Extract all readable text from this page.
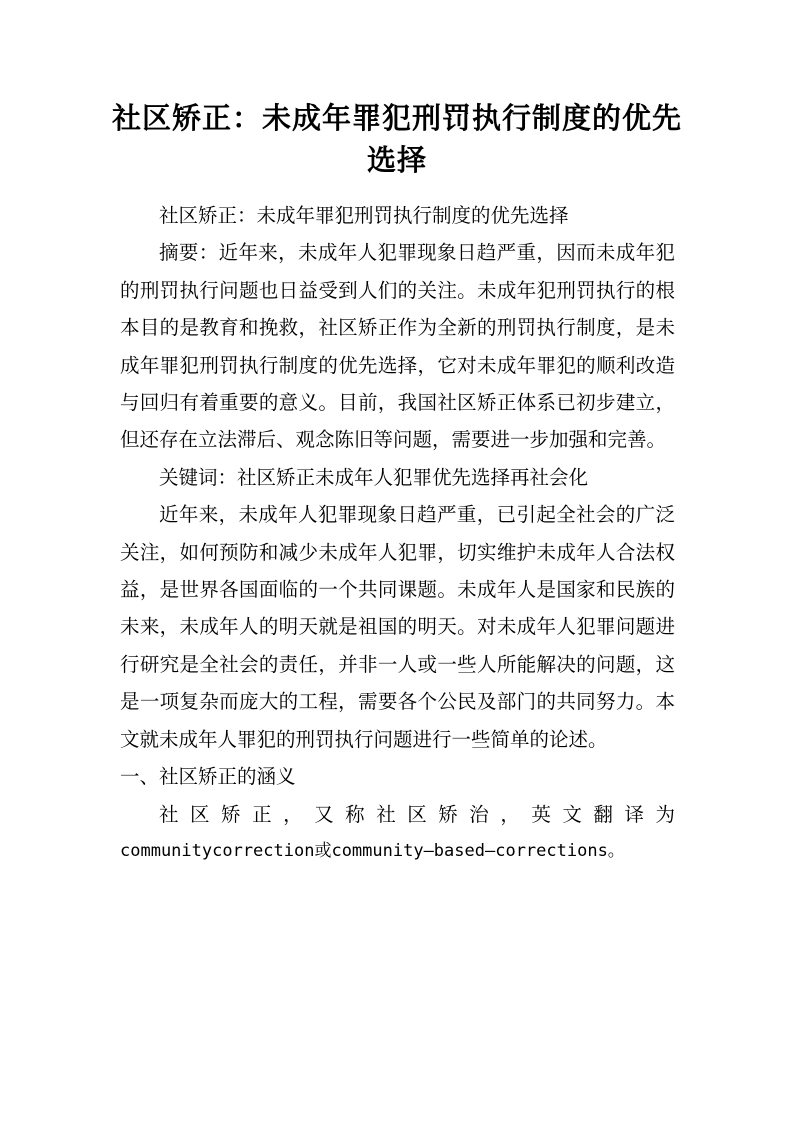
社区矫正：未成年罪犯刑罚执行制度的优先选择

社区矫正：未成年罪犯刑罚执行制度的优先选择

摘要：近年来，未成年人犯罪现象日趋严重，因而未成年犯的刑罚执行问题也日益受到人们的关注。未成年犯刑罚执行的根本目的是教育和挽救，社区矫正作为全新的刑罚执行制度，是未成年罪犯刑罚执行制度的优先选择，它对未成年罪犯的顺利改造与回归有着重要的意义。目前，我国社区矫正体系已初步建立，但还存在立法滞后、观念陈旧等问题，需要进一步加强和完善。

关键词：社区矫正未成年人犯罪优先选择再社会化

近年来，未成年人犯罪现象日趋严重，已引起全社会的广泛关注，如何预防和减少未成年人犯罪，切实维护未成年人合法权益，是世界各国面临的一个共同课题。未成年人是国家和民族的未来，未成年人的明天就是祖国的明天。对未成年人犯罪问题进行研究是全社会的责任，并非一人或一些人所能解决的问题，这是一项复杂而庞大的工程，需要各个公民及部门的共同努力。本文就未成年人罪犯的刑罚执行问题进行一些简单的论述。

一、社区矫正的涵义

社区矫正，又称社区矫治，英文翻译为

communitycorrection或community–based–corrections。
